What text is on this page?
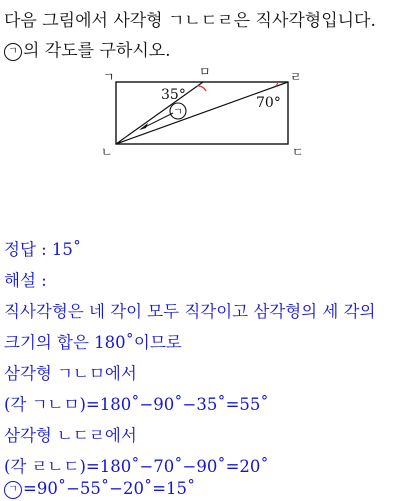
다음 그림에서 사각형 ㄱㄴㄷㄹ은 직사각형입니다.
ㄱ 의 각도를 구하시오.
ㄱ
ㄱ	ㅁ	ㄹ
ㄴ	ㄷ
35°	70°
정답 : 15˚
해설 :
직사각형은 네 각이 모두 직각이고 삼각형의 세 각의
크기의 합은 180˚이므로
삼각형 ㄱㄴㅁ에서
(각 ㄱㄴㅁ)=180˚−90˚−35˚=55˚
삼각형 ㄴㄷㄹ에서
(각 ㄹㄴㄷ)=180˚−70˚−90˚=20˚
ㄱ =90˚−55˚−20˚=15˚
